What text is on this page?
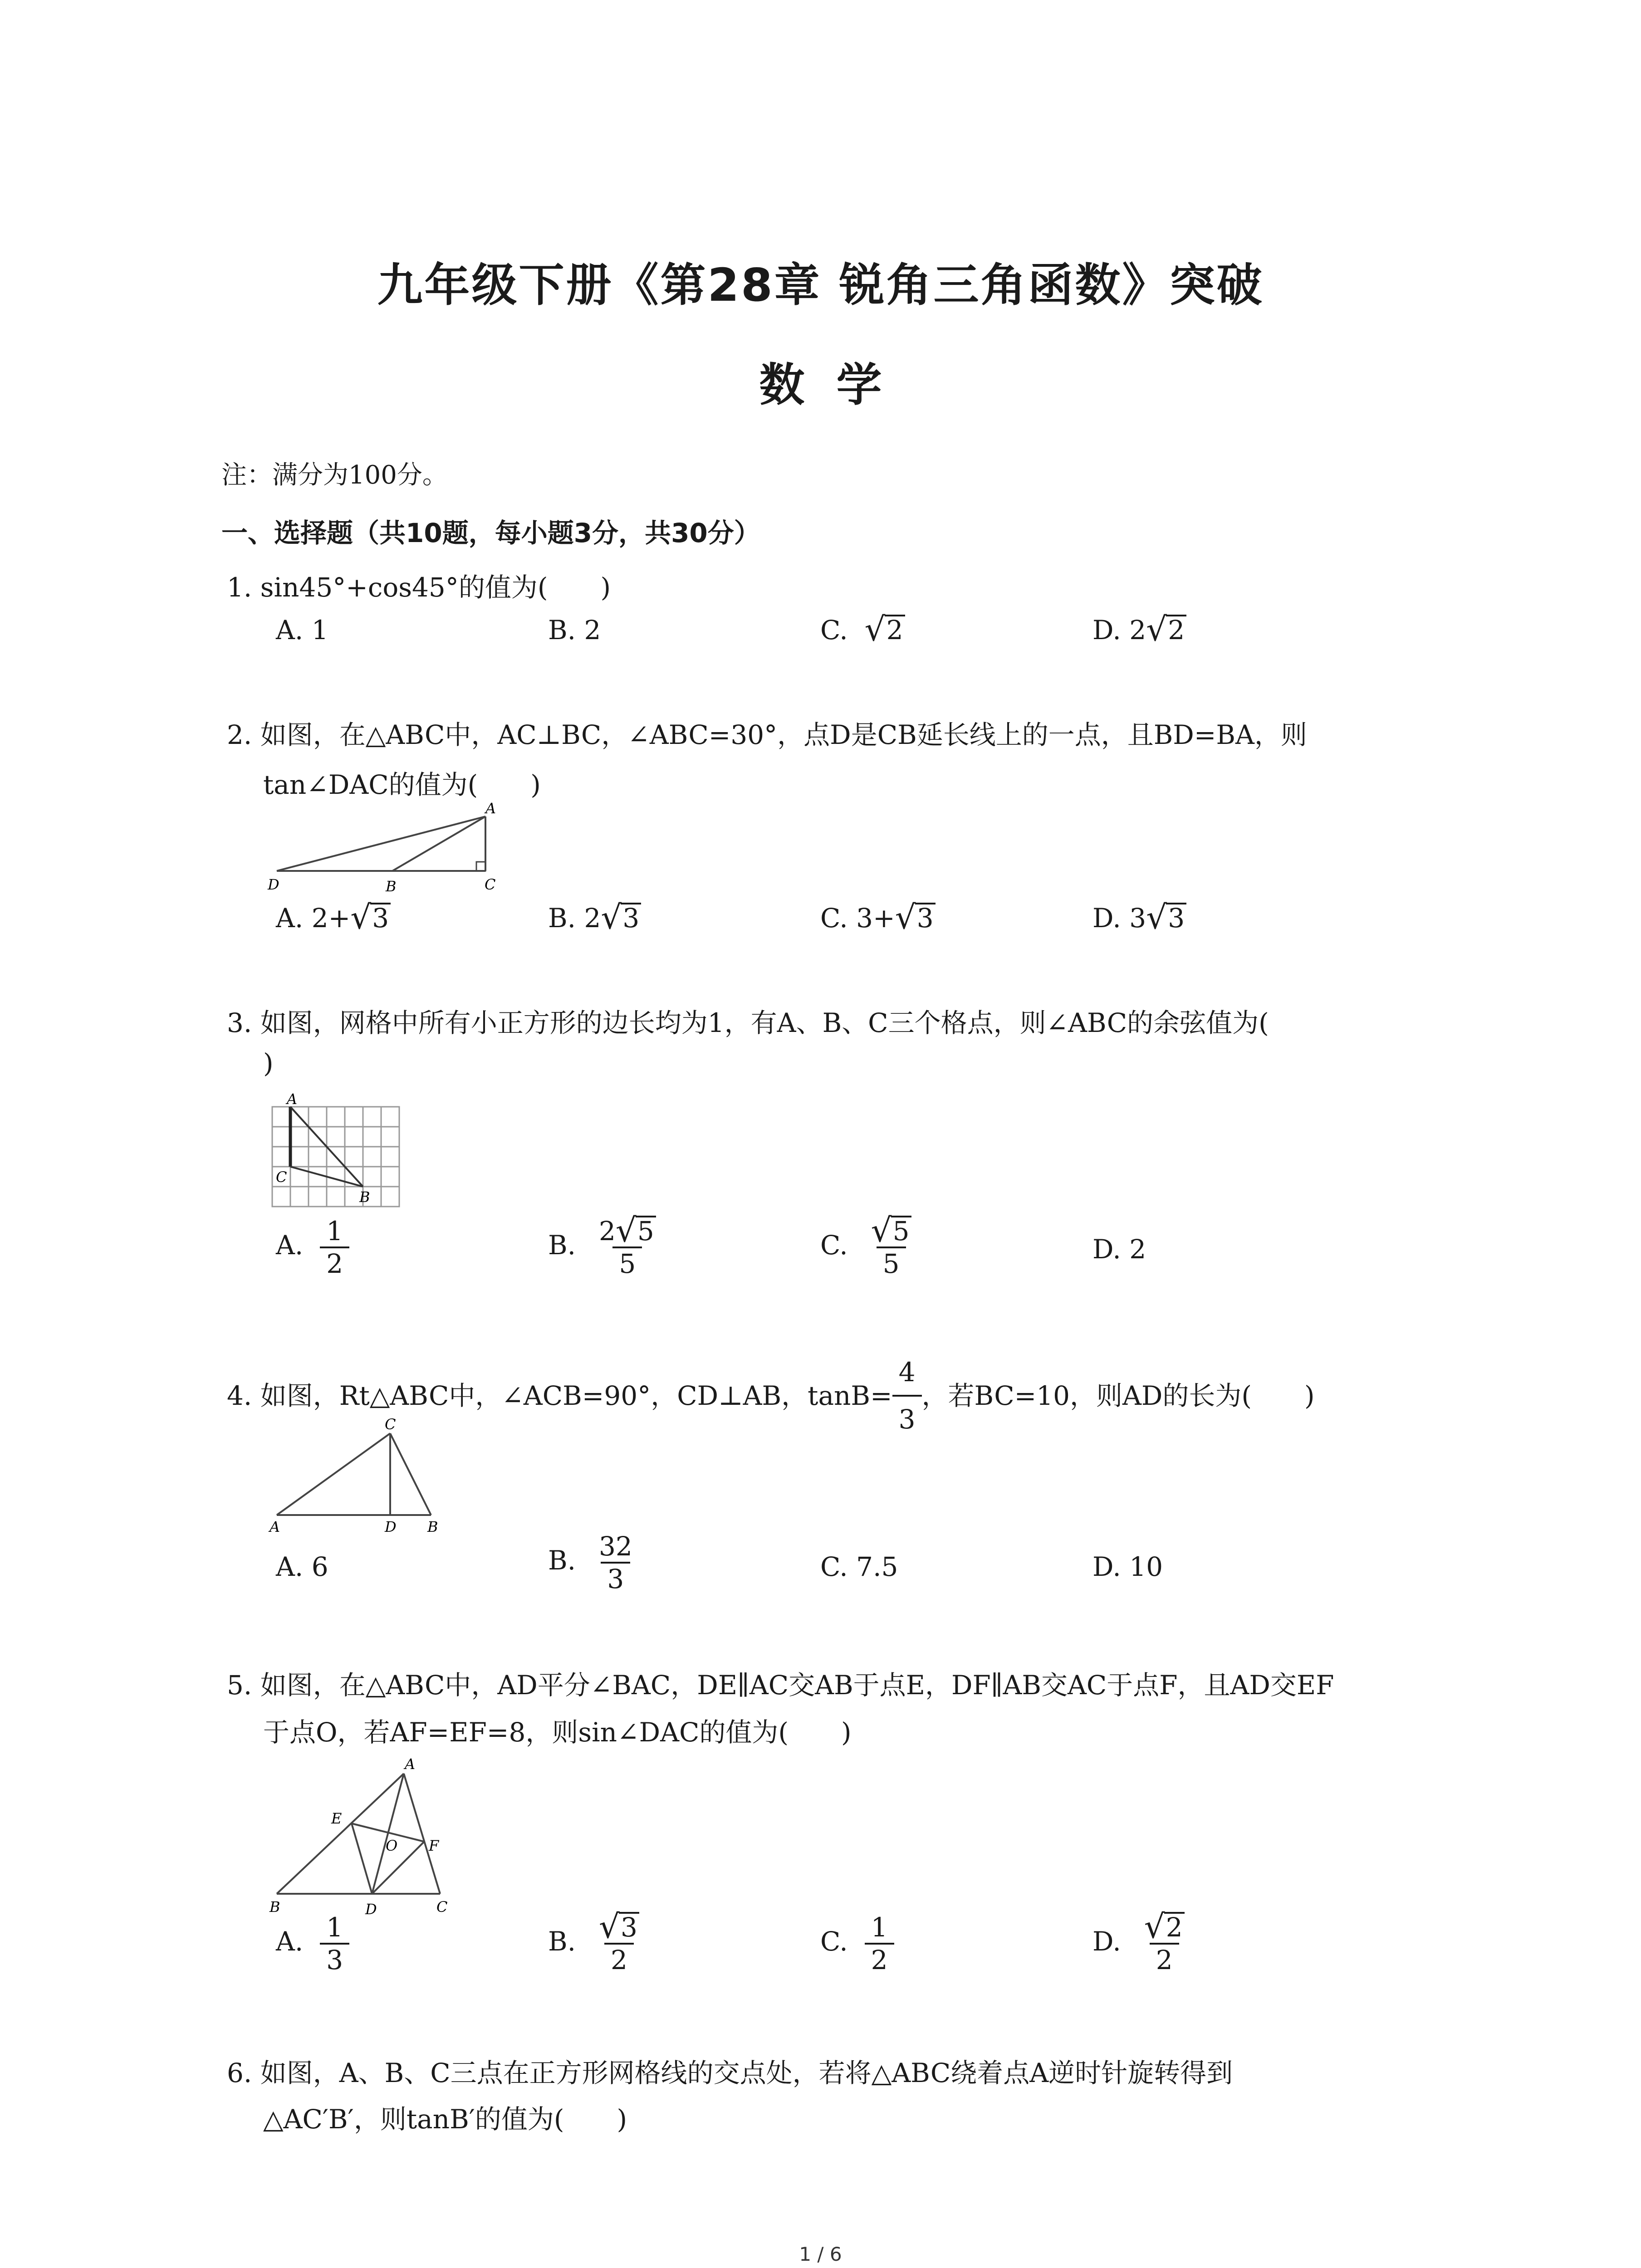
九年级下册《第28章 锐角三角函数》突破
数学
注：满分为100分。
一、选择题（共10题，每小题3分，共30分）
1. sin45°+cos45°的值为(　　)
A. 1	B. 2	C. √ 2	D. 2 √ 2
2. 如图，在△ABC中，AC⊥BC，∠ABC=30°，点D是CB延长线上的一点，且BD=BA，则
tan∠DAC的值为(　　)
A
D	B	C
A. 2+ √ 3	B. 2 √ 3	C. 3+ √ 3	D. 3 √ 3
3. 如图，网格中所有小正方形的边长均为1，有A、B、C三个格点，则∠ABC的余弦值为(
)
A
C
B
A. $\frac{1}{2}$	B. $\frac{2 √ 5}{5}$	C. √ $\frac{5}{5}$	D. 2
4. 如图，Rt△ABC中，∠ACB=90°，CD⊥AB，$\tan B= \frac{4}{3}$ ，若BC=10，则AD的长为(　　)
C
A	D B
A. 6	B. $\frac{32}{3}$	C. 7.5	D. 10
5. 如图，在△ABC中，AD平分∠BAC，DE∥AC交AB于点E，DF∥AB交AC于点F，且AD交EF
于点O，若AF=EF=8，则sin∠DAC的值为(　　)
A
E
O F
B	D	C
A. $\frac{1}{3}$	B. √ $\frac{3}{2}$	C. $\frac{1}{2}$	D. √ $\frac{2}{2}$
6. 如图，A、B、C三点在正方形网格线的交点处，若将△ABC绕着点A逆时针旋转得到
△AC′B′，则tanB′的值为(　　)
1 / 6
